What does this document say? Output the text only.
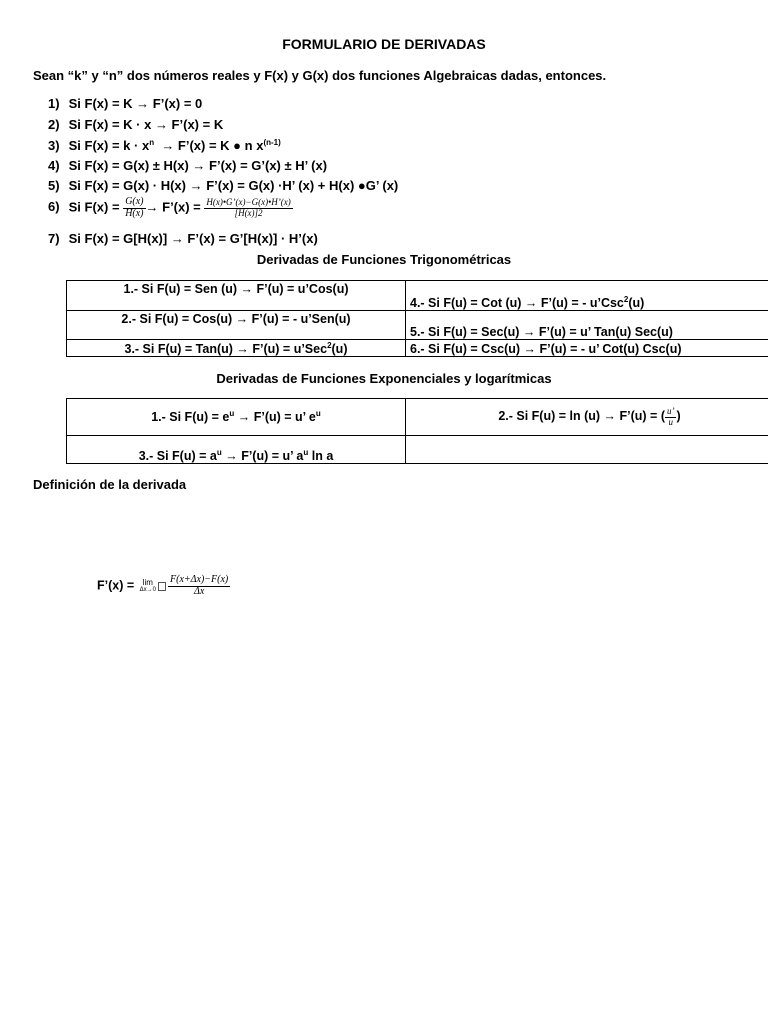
FORMULARIO DE DERIVADAS
Sean “k” y “n” dos números reales y F(x) y G(x) dos funciones Algebraicas dadas, entonces.
1) Si F(x) = K → F’(x) = 0
2) Si F(x) = K · x → F’(x) = K
3) Si $F(x) = k \cdot x^n$ → F’(x) = K ● n $x^{(n-1)}$
4) Si F(x) = G(x) ± H(x) → F’(x) = G’(x) ± H’ (x)
5) Si F(x) = G(x) · H(x) → F’(x) = G(x) ·H’ (x) + H(x) ●G’ (x)
6) Si $F(x) = \frac{G(x)}{H(x)}$ → F’(x) = $\frac{H(x)•G’(x)-G(x)•H’(x)}{[H(x)]2}$
7) Si F(x) = G[H(x)] → F’(x) = G’[H(x)] · H’(x)
Derivadas de Funciones Trigonométricas
1.- Si F(u) = Sen (u) → F’(u) = u’Cos(u)	4.- Si F(u) = Cot (u) → F’(u) = - u’Csc$^2$(u)
2.- Si F(u) = Cos(u) → F’(u) = - u’Sen(u)	5.- Si F(u) = Sec(u) → F’(u) = u’ Tan(u) Sec(u)
3.- Si F(u) = Tan(u) → F’(u) = u’Sec$^2$(u)	6.- Si F(u) = Csc(u) → F’(u) = - u’ Cot(u) Csc(u)
Derivadas de Funciones Exponenciales y logarítmicas
1.- Si $F(u) = e^u$ → F’(u) = u’ $e^u$	2.- Si F(u) = ln (u) → F’(u) = ( $\frac{u’}{u}$ )
3.- Si $F(u) = a^u$ → F’(u) = u’ $a^u$ ln a	
Definición de la derivada
F’(x) = lim
$\Delta x\to 0 \frac{F(x+\Delta x)-F(x)}{\Delta x}$
